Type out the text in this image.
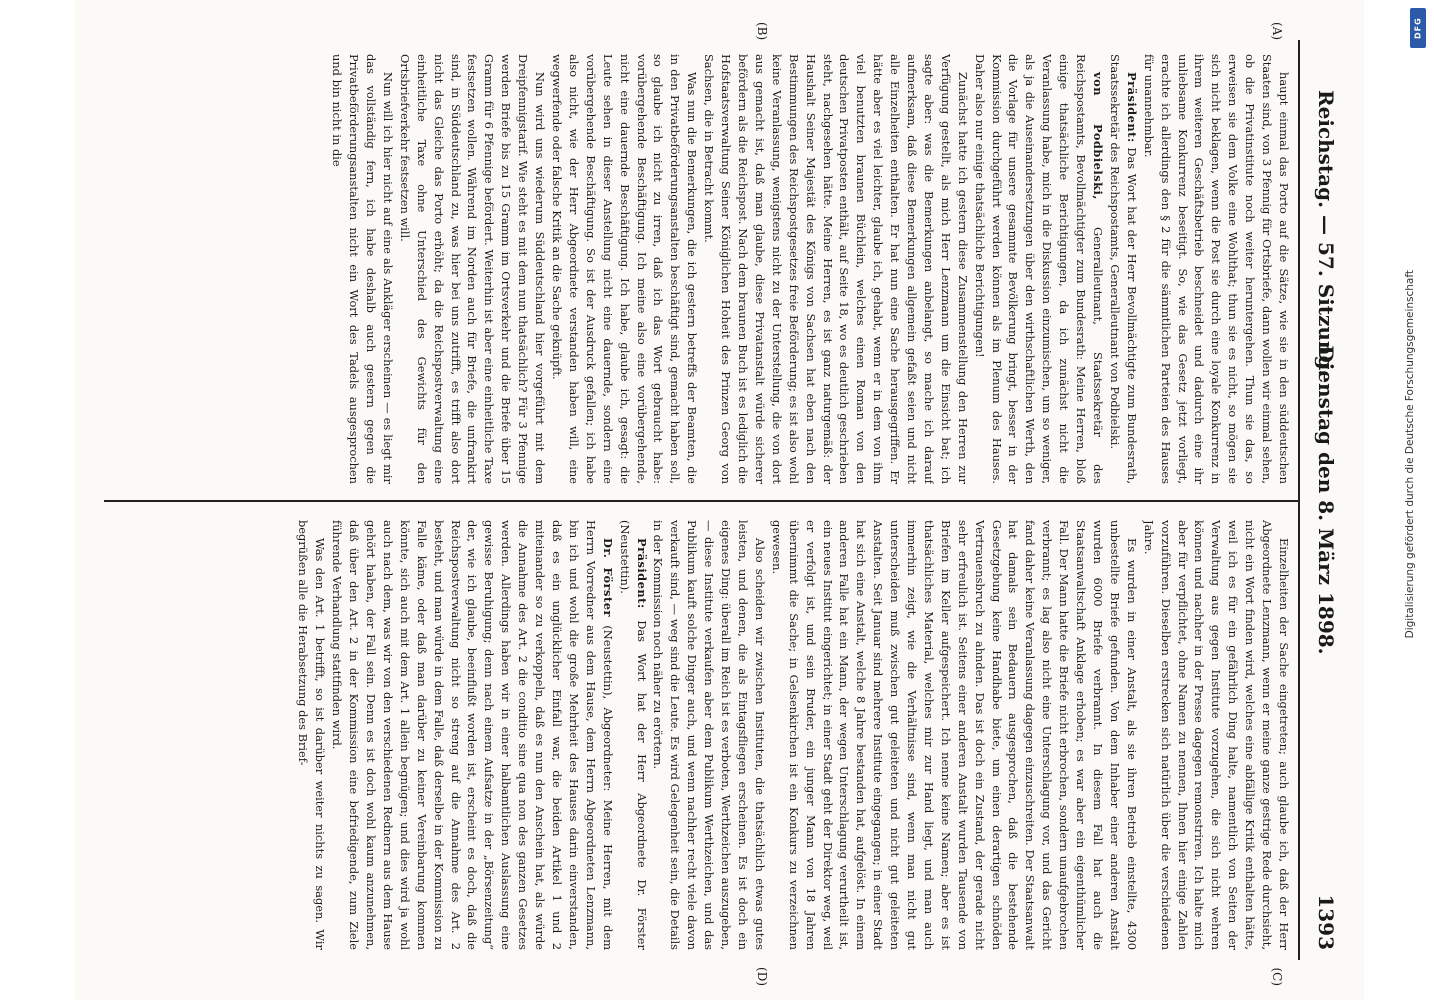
Reichstag. — 57. Sitzung.
Dienstag den 8. März 1898.
1393
(A)
(B)
(C)
(D)

haupt einmal das Porto auf die Sätze, wie sie in den süddeutschen Staaten sind, von 3 Pfennig für Ortsbriefe, dann wollen wir einmal sehen, ob die Privatinstitute noch weiter heruntergehen. Thun sie das, so erweisen sie dem Volke eine Wohlthat; thun sie es nicht, so mögen sie sich nicht beklagen, wenn die Post sie durch eine loyale Konkurrenz in ihrem weiteren Geschäftsbetrieb beschneidet und dadurch eine ihr unliebsame Konkurrenz beseitigt. So, wie das Gesetz jetzt vorliegt, erachte ich allerdings den § 2 für die sämmtlichen Parteien des Hauses für unannehmbar.

Präsident: Das Wort hat der Herr Bevollmächtigte zum Bundesrath, Staatssekretär des Reichspostamts, Generalleutnant von Podbielski.

von Podbielski, Generalleutnant, Staatssekretär des Reichspostamts, Bevollmächtigter zum Bundesrath: Meine Herren, bloß einige thatsächliche Berichtigungen, da ich zunächst nicht die Veranlassung habe, mich in die Diskussion einzumischen, um so weniger, als ja die Auseinandersetzungen über den wirthschaftlichen Werth, den die Vorlage für unsere gesammte Bevölkerung bringt, besser in der Kommission durchgeführt werden können als im Plenum des Hauses. Daher also nur einige thatsächliche Berichtigungen!

Zunächst hatte ich gestern diese Zusammenstellung den Herren zur Verfügung gestellt, als mich Herr Lenzmann um die Einsicht bat; ich sagte aber: was die Bemerkungen anbelangt, so mache ich darauf aufmerksam, daß diese Bemerkungen allgemein gefaßt seien und nicht alle Einzelheiten enthalten. Er hat nun eine Sache herausgegriffen. Er hätte aber es viel leichter, glaube ich, gehabt, wenn er in dem von ihm viel benutzten braunen Büchlein, welches einen Roman von den deutschen Privatposten enthält, auf Seite 18, wo es deutlich geschrieben steht, nachgesehen hätte. Meine Herren, es ist ganz naturgemäß: der Haushalt Seiner Majestät des Königs von Sachsen hat eben nach den Bestimmungen des Reichspostgesetzes freie Beförderung; es ist also wohl keine Veranlassung, wenigstens nicht zu der Unterstellung, die von dort aus gemacht ist, daß man glaube, diese Privatanstalt würde sicherer befördern als die Reichspost. Nach dem braunen Buch ist es lediglich die Hofstaatsverwaltung Seiner Königlichen Hoheit des Prinzen Georg von Sachsen, die in Betracht kommt.

Was nun die Bemerkungen, die ich gestern betreffs der Beamten, die in den Privatbeförderungsanstalten beschäftigt sind, gemacht haben soll, so glaube ich nicht zu irren, daß ich das Wort gebraucht habe: vorübergehende Beschäftigung. Ich meine also eine vorübergehende, nicht eine dauernde Beschäftigung. Ich habe, glaube ich, gesagt: die Leute sehen in dieser Anstellung nicht eine dauernde, sondern eine vorübergehende Beschäftigung. So ist der Ausdruck gefallen; ich habe also nicht, wie der Herr Abgeordnete verstanden haben will, eine wegwerfende oder falsche Kritik an die Sache geknüpft.

Nun wird uns wiederum Süddeutschland hier vorgeführt mit dem Dreipfennigstarif. Wie steht es mit dem nun thatsächlich? Für 3 Pfennige werden Briefe bis zu 15 Gramm im Ortsverkehr und die Briefe über 15 Gramm für 6 Pfennige befördert. Weiterhin ist aber eine einheitliche Taxe festsetzen wollen. Während im Norden auch für Briefe, die unfrankirt sind, in Süddeutschland zu, was hier bei uns zutrifft, es trifft also dort nicht das Gleiche das Porto erhöht; da die Reichspostverwaltung eine einheitliche Taxe ohne Unterschied des Gewichts für den Ortsbriefverkehr festsetzen will.

Nun will ich hier nicht auf eine als Ankläger erscheinen — es liegt mir das vollständig fern, ich habe deshalb auch gestern gegen die Privatbeförderungsanstalten nicht ein Wort des Tadels ausgesprochen und bin nicht in die

Einzelheiten der Sache eingetreten; auch glaube ich, daß der Herr Abgeordnete Lenzmann, wenn er meine ganze gestrige Rede durchsieht, nicht ein Wort finden wird, welches eine abfällige Kritik enthalten hätte, weil ich es für ein gefährlich Ding halte, namentlich von Seiten der Verwaltung aus gegen Institute vorzugehen, die sich nicht wehren können und nachher in der Presse dagegen remonstriren. Ich halte mich aber für verpflichtet, ohne Namen zu nennen, Ihnen hier einige Zahlen vorzuführen. Dieselben erstrecken sich natürlich über die verschiedenen Jahre.

Es wurden in einer Anstalt, als sie ihren Betrieb einstellte, 4300 unbestellte Briefe gefunden. Von dem Inhaber einer anderen Anstalt wurden 6000 Briefe verbrannt. In diesem Fall hat auch die Staatsanwaltschaft Anklage erhoben; es war aber ein eigenthümlicher Fall. Der Mann hatte die Briefe nicht erbrochen, sondern unaufgebrochen verbrannt; es lag also nicht eine Unterschlagung vor, und das Gericht fand daher keine Veranlassung dagegen einzuschreiten. Der Staatsanwalt hat damals sein Bedauern ausgesprochen, daß die bestehende Gesetzgebung keine Handhabe biete, um einen derartigen schnöden Vertrauensbruch zu ahnden. Das ist doch ein Zustand, der gerade nicht sehr erfreulich ist. Seitens einer anderen Anstalt wurden Tausende von Briefen im Keller aufgespeichert. Ich nenne keine Namen; aber es ist thatsächliches Material, welches mir zur Hand liegt, und man auch immerhin zeigt, wie die Verhältnisse sind, wenn man nicht gut unterscheiden muß zwischen gut geleiteten und nicht gut geleiteten Anstalten. Seit Januar sind mehrere Institute eingegangen; in einer Stadt hat sich eine Anstalt, welche 8 Jahre bestanden hat, aufgelöst. In einem anderen Falle hat ein Mann, der wegen Unterschlagung verurtheilt ist, ein neues Institut eingerichtet; in einer Stadt geht der Direktor weg, weil er verfolgt ist, und sein Bruder, ein junger Mann von 18 Jahren übernimmt die Sache; in Gelsenkirchen ist ein Konkurs zu verzeichnen gewesen.

Also scheiden wir zwischen Instituten, die thatsächlich etwas gutes leisten, und denen, die als Eintagsfliegen erscheinen. Es ist doch ein eigenes Ding: überall im Reich ist es verboten, Werthzeichen auszugeben, — diese Institute verkaufen aber dem Publikum Werthzeichen, und das Publikum kauft solche Dinger auch, und wenn nachher recht viele davon verkauft sind, — weg sind die Leute. Es wird Gelegenheit sein, die Details in der Kommission noch näher zu erörtern.

Präsident: Das Wort hat der Herr Abgeordnete Dr. Förster (Neustettin).

Dr. Förster (Neustettin), Abgeordneter: Meine Herren, mit dem Herrn Vorredner aus dem Hause, dem Herrn Abgeordneten Lenzmann, bin ich und wohl die große Mehrheit des Hauses darin einverstanden, daß es ein unglücklicher Einfall war, die beiden Artikel 1 und 2 miteinander so zu verkoppeln, daß es nun den Anschein hat, als würde die Annahme des Art. 2 die conditio sine qua non des ganzen Gesetzes werden. Allerdings haben wir in einer halbamtlichen Auslassung eine gewisse Beruhigung; denn nach einem Aufsatze in der „Börsenzeitung“ der, wie ich glaube, beeinflußt worden ist, erscheint es doch, daß die Reichspostverwaltung nicht so streng auf die Annahme des Art. 2 besteht, und man würde in dem Falle, daß derselbe in der Kommission zu Falle käme, oder daß man darüber zu keiner Vereinbarung kommen könnte, sich auch mit dem Art. 1 allein begnügen; und dies wird ja wohl auch nach dem, was wir von den verschiedenen Rednern aus dem Hause gehört haben, der Fall sein. Denn es ist doch wohl kaum anzunehmen, daß über den Art. 2 in der Kommission eine befriedigende, zum Ziele führende Verhandlung stattfinden wird.

Was den Art. 1 betrifft, so ist darüber weiter nichts zu sagen. Wir begrüßen alle die Herabsetzung des Brief-

DFG
Digitalisierung gefördert durch die Deutsche Forschungsgemeinschaft
